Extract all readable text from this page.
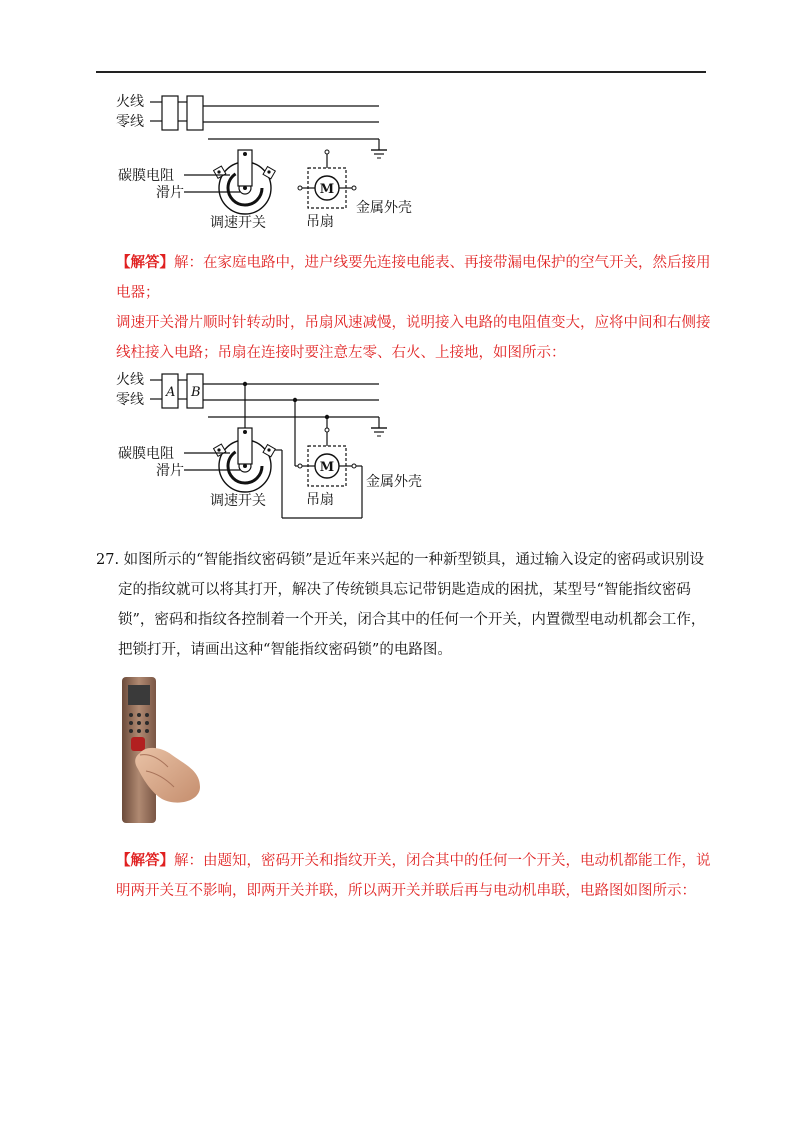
火线
零线
碳膜电阻
滑片
调速开关
M
吊扇
金属外壳
【解答】解：在家庭电路中，进户线要先连接电能表、再接带漏电保护的空气开关，然后接用电器；
调速开关滑片顺时针转动时，吊扇风速减慢，说明接入电路的电阻值变大，应将中间和右侧接线柱接入电路；吊扇在连接时要注意左零、右火、上接地，如图所示：
火线
零线 A B
碳膜电阻
滑片
调速开关
M
吊扇
金属外壳
27. 如图所示的“智能指纹密码锁”是近年来兴起的一种新型锁具，通过输入设定的密码或识别设
定的指纹就可以将其打开，解决了传统锁具忘记带钥匙造成的困扰，某型号“智能指纹密码锁”，密码和指纹各控制着一个开关，闭合其中的任何一个开关，内置微型电动机都会工作，把锁打开，请画出这种“智能指纹密码锁”的电路图。
【解答】解：由题知，密码开关和指纹开关，闭合其中的任何一个开关，电动机都能工作，说明两开关互不影响，即两开关并联，所以两开关并联后再与电动机串联，电路图如图所示：
